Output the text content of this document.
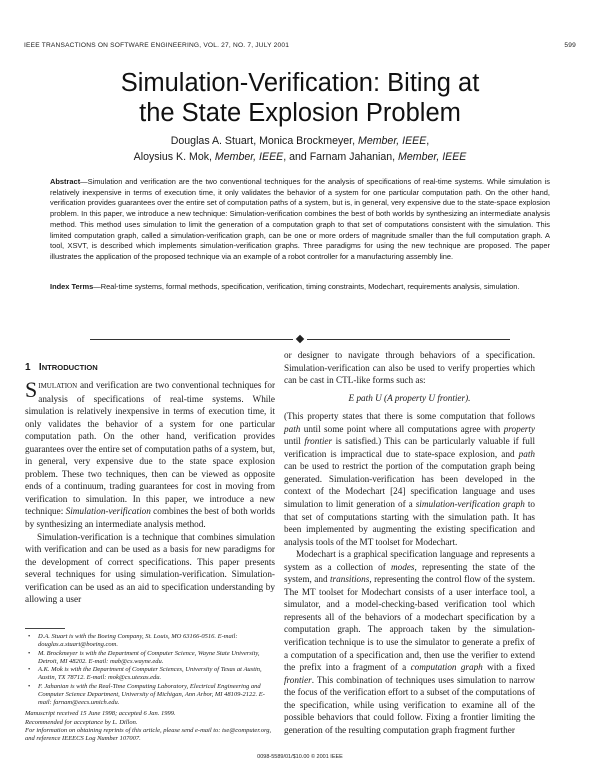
IEEE TRANSACTIONS ON SOFTWARE ENGINEERING, VOL. 27, NO. 7, JULY 2001	599
Simulation-Verification: Biting at
the State Explosion Problem
Douglas A. Stuart, Monica Brockmeyer, Member, IEEE,
Aloysius K. Mok, Member, IEEE, and Farnam Jahanian, Member, IEEE
Abstract—Simulation and verification are the two conventional techniques for the analysis of specifications of real-time systems. While simulation is relatively inexpensive in terms of execution time, it only validates the behavior of a system for one particular computation path. On the other hand, verification provides guarantees over the entire set of computation paths of a system, but is, in general, very expensive due to the state-space explosion problem. In this paper, we introduce a new technique: Simulation-verification combines the best of both worlds by synthesizing an intermediate analysis method. This method uses simulation to limit the generation of a computation graph to that set of computations consistent with the simulation. This limited computation graph, called a simulation-verification graph, can be one or more orders of magnitude smaller than the full computation graph. A tool, XSVT, is described which implements simulation-verification graphs. Three paradigms for using the new technique are proposed. The paper illustrates the application of the proposed technique via an example of a robot controller for a manufacturing assembly line.
Index Terms—Real-time systems, formal methods, specification, verification, timing constraints, Modechart, requirements analysis, simulation.
1 INTRODUCTION

SIMULATION and verification are two conventional techniques for analysis of specifications of real-time systems. While simulation is relatively inexpensive in terms of execution time, it only validates the behavior of a system for one particular computation path. On the other hand, verification provides guarantees over the entire set of computation paths of a system, but, in general, very expensive due to the state space explosion problem. These two techniques, then can be viewed as opposite ends of a continuum, trading guarantees for cost in moving from verification to simulation. In this paper, we introduce a new technique: Simulation-verification combines the best of both worlds by synthesizing an intermediate analysis method.

Simulation-verification is a technique that combines simulation with verification and can be used as a basis for new paradigms for the development of correct specifications. This paper presents several techniques for using simulation-verification. Simulation-verification can be used as an aid to specification understanding by allowing a user

or designer to navigate through behaviors of a specification. Simulation-verification can also be used to verify properties which can be cast in CTL-like forms such as:

E path U (A property U frontier).

(This property states that there is some computation that follows path until some point where all computations agree with property until frontier is satisfied.) This can be particularly valuable if full verification is impractical due to state-space explosion, and path can be used to restrict the portion of the computation graph being generated. Simulation-verification has been developed in the context of the Modechart [24] specification language and uses simulation to limit generation of a simulation-verification graph to that set of computations starting with the simulation path. It has been implemented by augmenting the existing specification and analysis tools of the MT toolset for Modechart.

Modechart is a graphical specification language and represents a system as a collection of modes, representing the state of the system, and transitions, representing the control flow of the system. The MT toolset for Modechart consists of a user interface tool, a simulator, and a model-checking-based verification tool which represents all of the behaviors of a modechart specification by a computation graph. The approach taken by the simulation-verification technique is to use the simulator to generate a prefix of a computation of a specification and, then use the verifier to extend the prefix into a fragment of a computation graph with a fixed frontier. This combination of techniques uses simulation to narrow the focus of the verification effort to a subset of the computations of the specification, while using verification to examine all of the possible behaviors that could follow. Fixing a frontier limiting the generation of the resulting computation graph fragment further

• D.A. Stuart is with the Boeing Company, St. Louis, MO 63166-0516. E-mail: douglas.a.stuart@boeing.com.
• M. Brockmeyer is with the Department of Computer Science, Wayne State University, Detroit, MI 48202. E-mail: mab@cs.wayne.edu.
• A.K. Mok is with the Department of Computer Sciences, University of Texas at Austin, Austin, TX 78712. E-mail: mok@cs.utexas.edu.
• F. Jahanian is with the Real-Time Computing Laboratory, Electrical Engineering and Computer Science Department, University of Michigan, Ann Arbor, MI 48109-2122. E-mail: farnam@eecs.umich.edu.
Manuscript received 15 June 1998; accepted 6 Jan. 1999.
Recommended for acceptance by L. Dillon.
For information on obtaining reprints of this article, please send e-mail to: tse@computer.org, and reference IEEECS Log Number 107007.
0098-5589/01/$10.00 © 2001 IEEE
